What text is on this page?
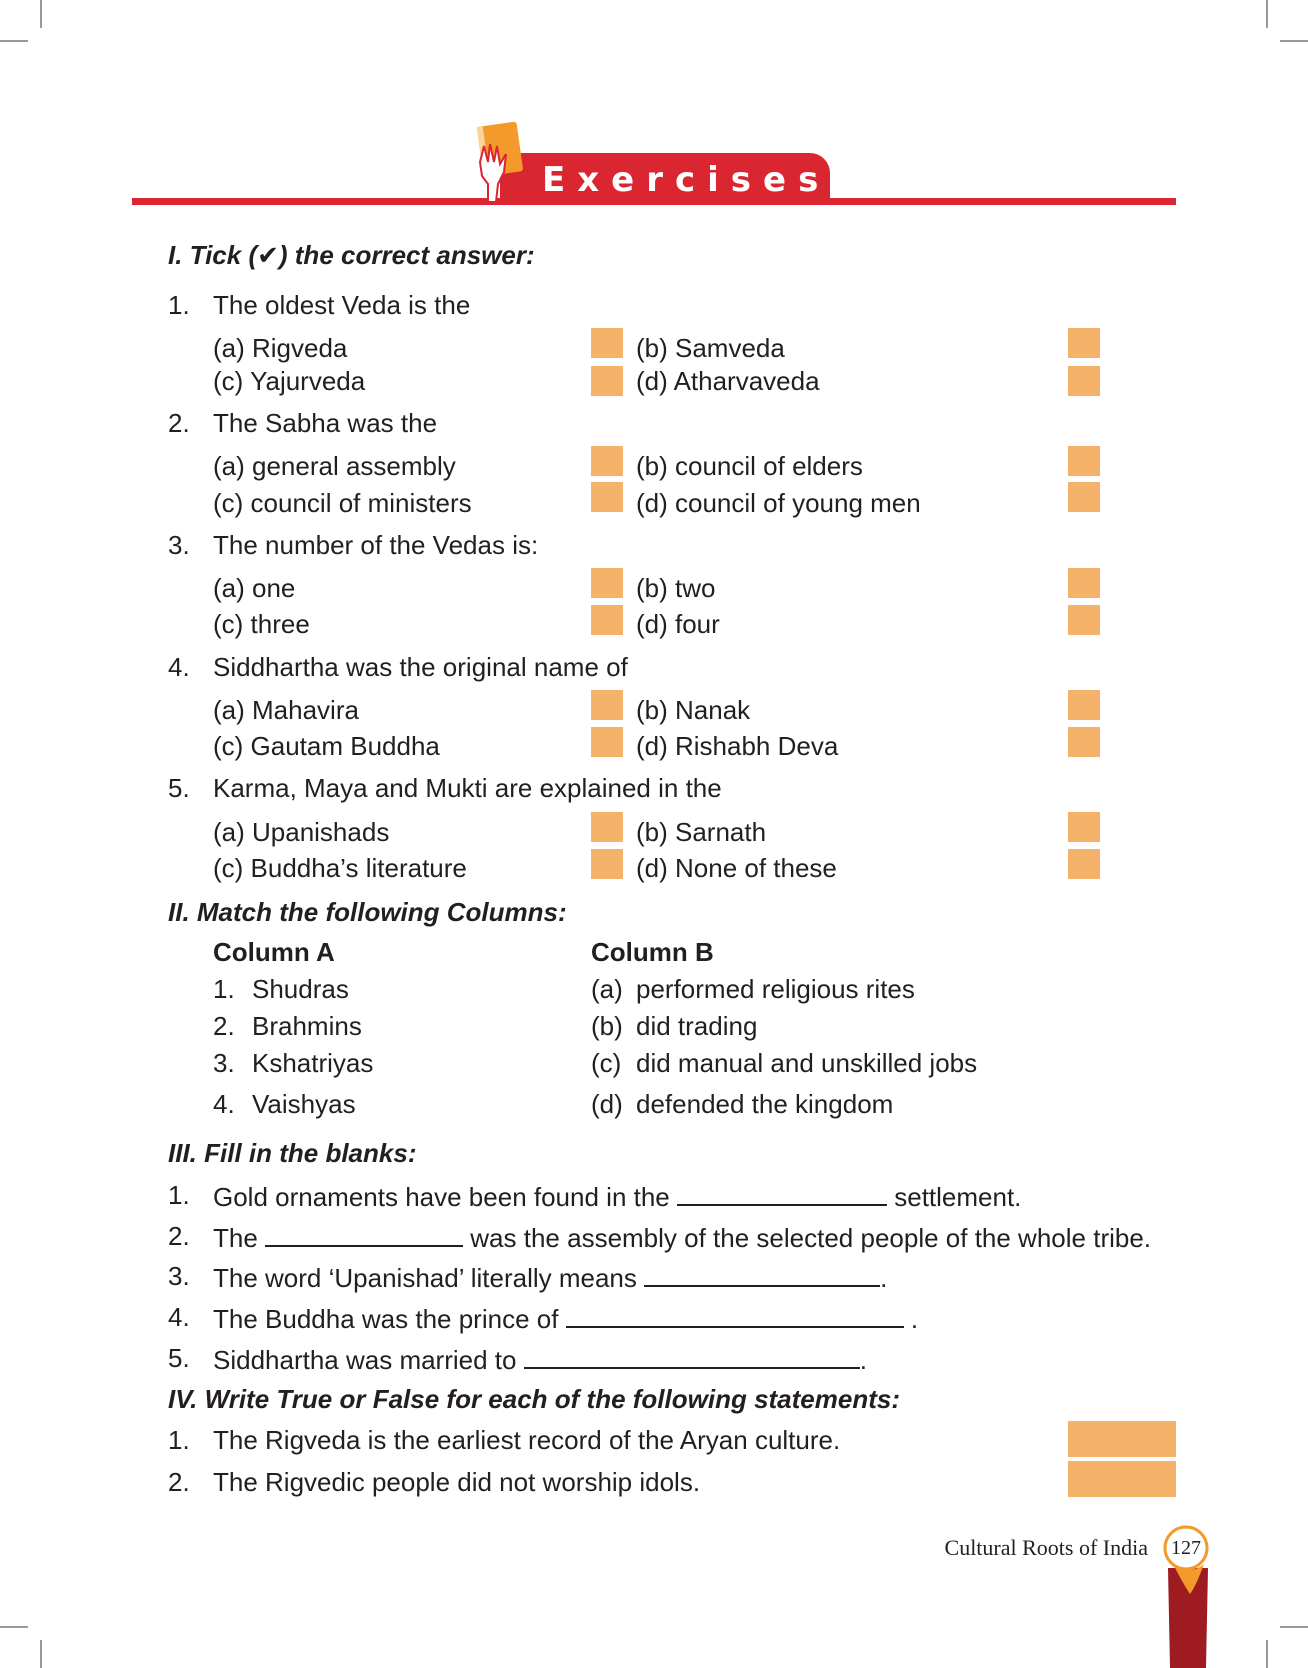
Exercises
I. Tick (✔) the correct answer:
1. The oldest Veda is the
(a) Rigveda	(b) Samveda
(c) Yajurveda	(d) Atharvaveda
2. The Sabha was the
(a) general assembly	(b) council of elders
(c) council of ministers	(d) council of young men
3. The number of the Vedas is:
(a) one	(b) two
(c) three	(d) four
4. Siddhartha was the original name of
(a) Mahavira	(b) Nanak
(c) Gautam Buddha	(d) Rishabh Deva
5. Karma, Maya and Mukti are explained in the
(a) Upanishads	(b) Sarnath
(c) Buddha’s literature	(d) None of these
II. Match the following Columns:
Column A	Column B
1. Shudras	(a) performed religious rites
2. Brahmins	(b) did trading
3. Kshatriyas	(c) did manual and unskilled jobs
4. Vaishyas	(d) defended the kingdom
III. Fill in the blanks:
1. Gold ornaments have been found in the	settlement.
2. The	was the assembly of the selected people of the whole tribe.
3. The word ‘Upanishad’ literally means	.
4. The Buddha was the prince of	.
5. Siddhartha was married to	.
IV. Write True or False for each of the following statements:
1. The Rigveda is the earliest record of the Aryan culture.
2. The Rigvedic people did not worship idols.
Cultural Roots of India 127
